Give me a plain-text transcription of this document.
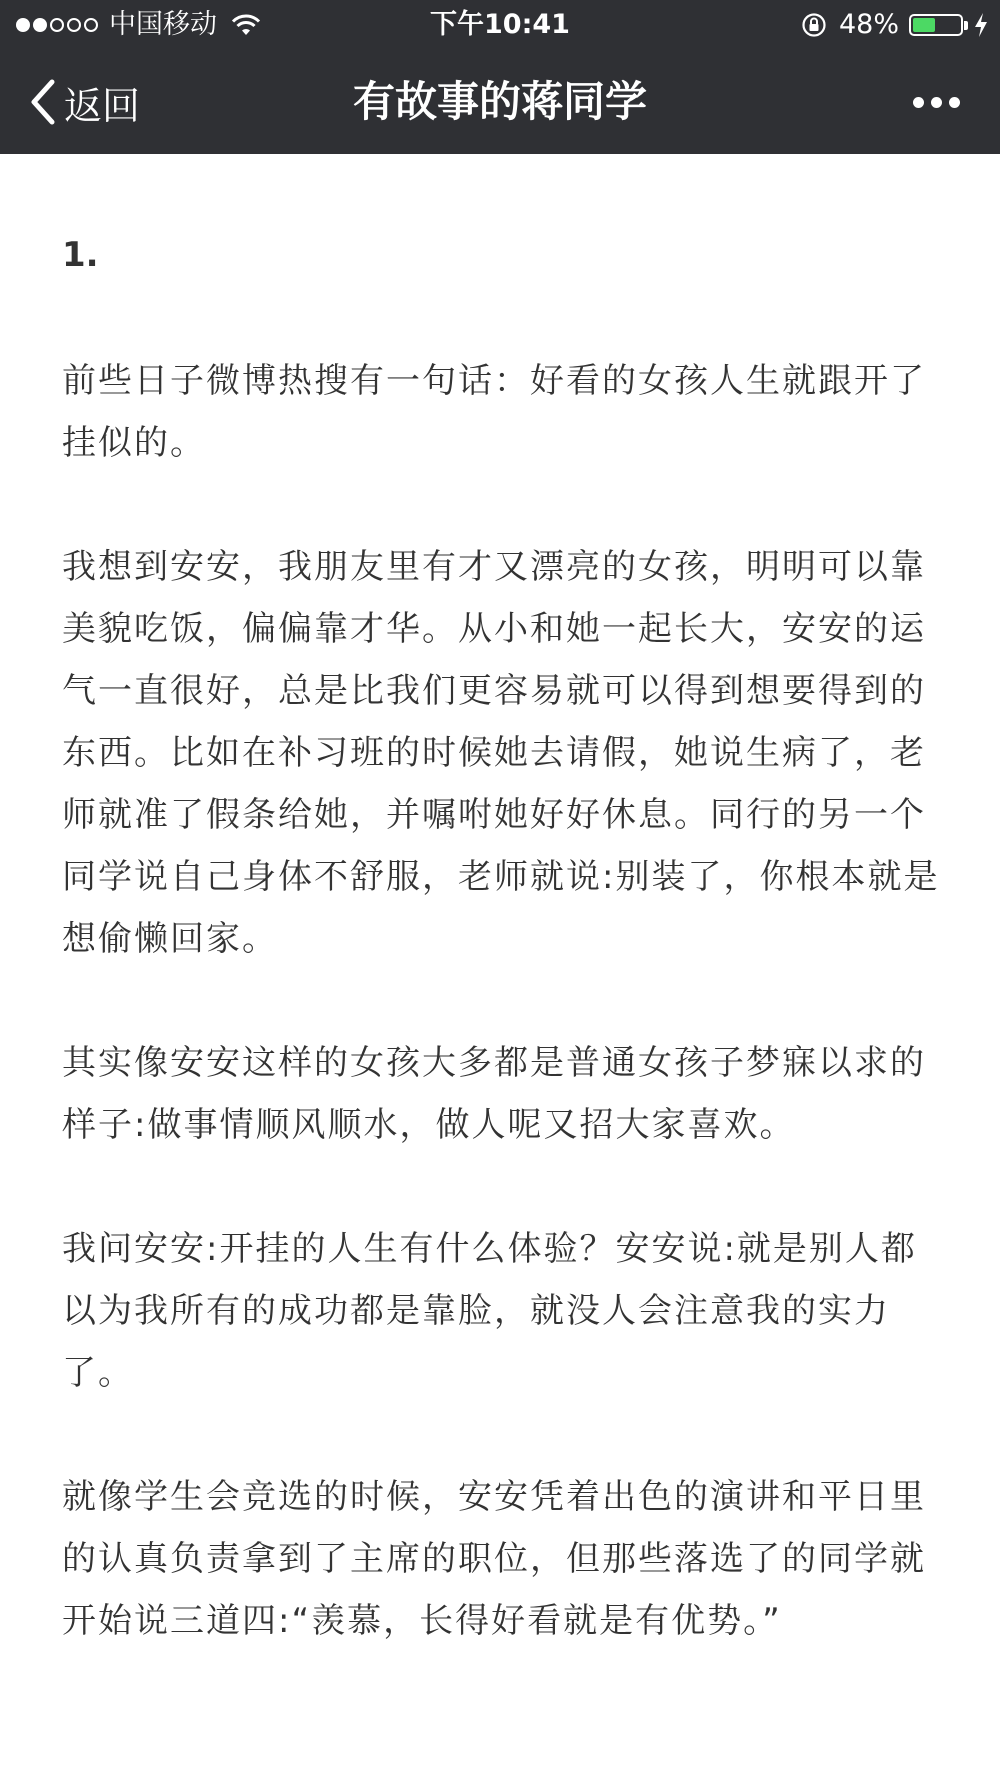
中国移动	下午10:41	48%
返回	有故事的蒋同学
1.

前些日子微博热搜有一句话：好看的女孩人生就跟开了挂似的。

我想到安安，我朋友里有才又漂亮的女孩，明明可以靠美貌吃饭，偏偏靠才华。从小和她一起长大，安安的运气一直很好，总是比我们更容易就可以得到想要得到的东西。比如在补习班的时候她去请假，她说生病了，老师就准了假条给她，并嘱咐她好好休息。同行的另一个同学说自己身体不舒服，老师就说:别装了，你根本就是想偷懒回家。

其实像安安这样的女孩大多都是普通女孩子梦寐以求的样子:做事情顺风顺水，做人呢又招大家喜欢。

我问安安:开挂的人生有什么体验？安安说:就是别人都以为我所有的成功都是靠脸，就没人会注意我的实力了。

就像学生会竞选的时候，安安凭着出色的演讲和平日里的认真负责拿到了主席的职位，但那些落选了的同学就开始说三道四:“羡慕，长得好看就是有优势。”
